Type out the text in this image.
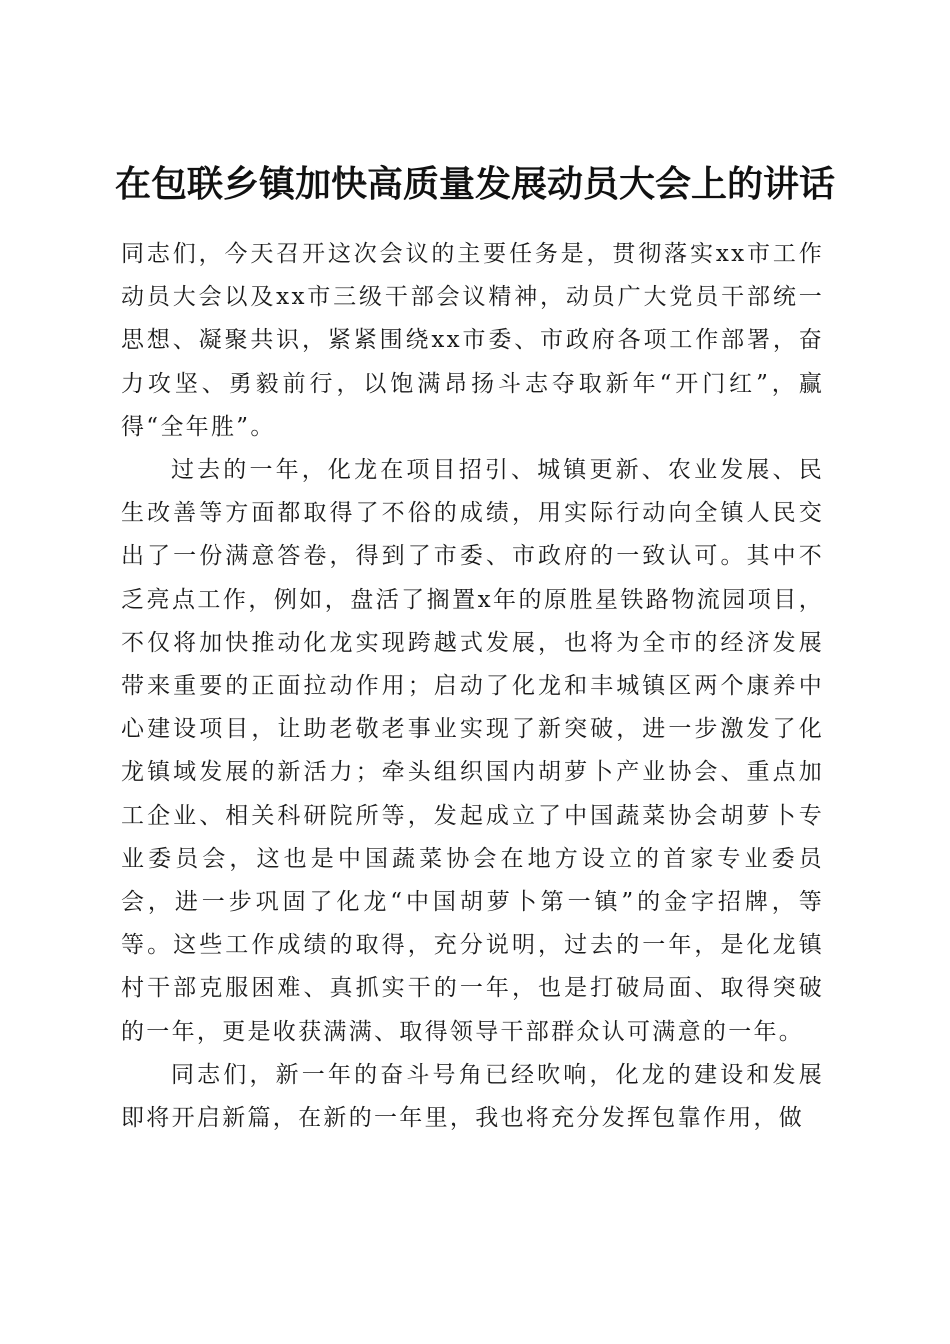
在包联乡镇加快高质量发展动员大会上的讲话

同志们，今天召开这次会议的主要任务是，贯彻落实xx市工作动员大会以及xx市三级干部会议精神，动员广大党员干部统一思想、凝聚共识，紧紧围绕xx市委、市政府各项工作部署，奋力攻坚、勇毅前行，以饱满昂扬斗志夺取新年“开门红”，赢得“全年胜”。

过去的一年，化龙在项目招引、城镇更新、农业发展、民生改善等方面都取得了不俗的成绩，用实际行动向全镇人民交出了一份满意答卷，得到了市委、市政府的一致认可。其中不乏亮点工作，例如，盘活了搁置x年的原胜星铁路物流园项目，不仅将加快推动化龙实现跨越式发展，也将为全市的经济发展带来重要的正面拉动作用；启动了化龙和丰城镇区两个康养中心建设项目，让助老敬老事业实现了新突破，进一步激发了化龙镇域发展的新活力；牵头组织国内胡萝卜产业协会、重点加工企业、相关科研院所等，发起成立了中国蔬菜协会胡萝卜专业委员会，这也是中国蔬菜协会在地方设立的首家专业委员会，进一步巩固了化龙“中国胡萝卜第一镇”的金字招牌，等等。这些工作成绩的取得，充分说明，过去的一年，是化龙镇村干部克服困难、真抓实干的一年，也是打破局面、取得突破的一年，更是收获满满、取得领导干部群众认可满意的一年。

同志们，新一年的奋斗号角已经吹响，化龙的建设和发展即将开启新篇，在新的一年里，我也将充分发挥包靠作用，做
